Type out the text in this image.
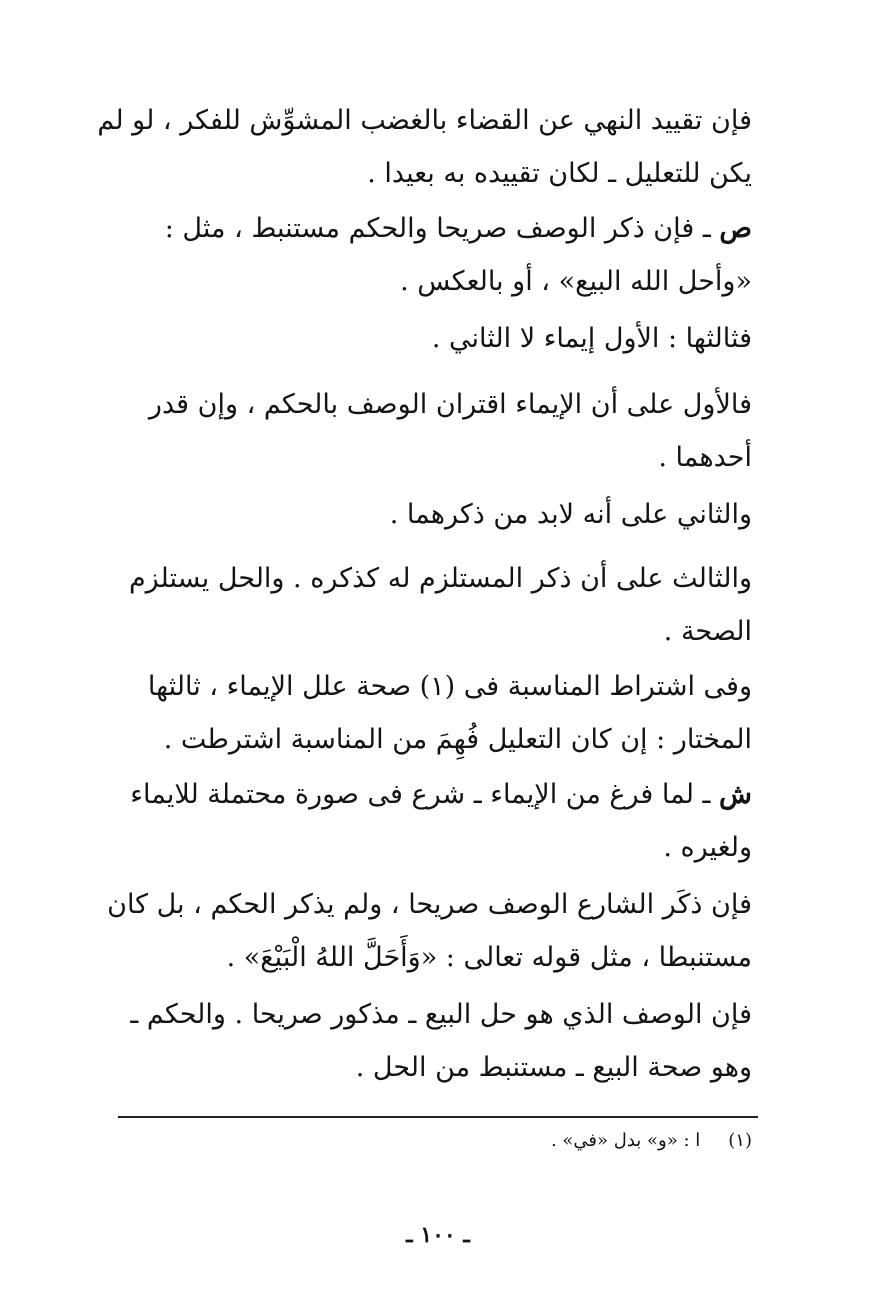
فإن تقييد النهي عن القضاء بالغضب المشوِّش للفكر ، لو لم
يكن للتعليل ـ لكان تقييده به بعيدا .

ص ـ فإن ذكر الوصف صريحا والحكم مستنبط ، مثل :
«وأحل الله البيع» ، أو بالعكس .

فثالثها : الأول إيماء لا الثاني .

فالأول على أن الإيماء اقتران الوصف بالحكم ، وإن قدر
أحدهما .

والثاني على أنه لابد من ذكرهما .

والثالث على أن ذكر المستلزم له كذكره . والحل يستلزم
الصحة .

وفى اشتراط المناسبة فى (١) صحة علل الإيماء ، ثالثها
المختار : إن كان التعليل فُهِمَ من المناسبة اشترطت .

ش ـ لما فرغ من الإيماء ـ شرع فى صورة محتملة للايماء
ولغيره .

فإن ذكَر الشارع الوصف صريحا ، ولم يذكر الحكم ، بل كان
مستنبطا ، مثل قوله تعالى : «وَأَحَلَّ اللهُ الْبَيْعَ» .

فإن الوصف الذي هو حل البيع ـ مذكور صريحا . والحكم ـ
وهو صحة البيع ـ مستنبط من الحل .

(١)ا : «و» بدل «في» .
ـ ١٠٠ ـ
